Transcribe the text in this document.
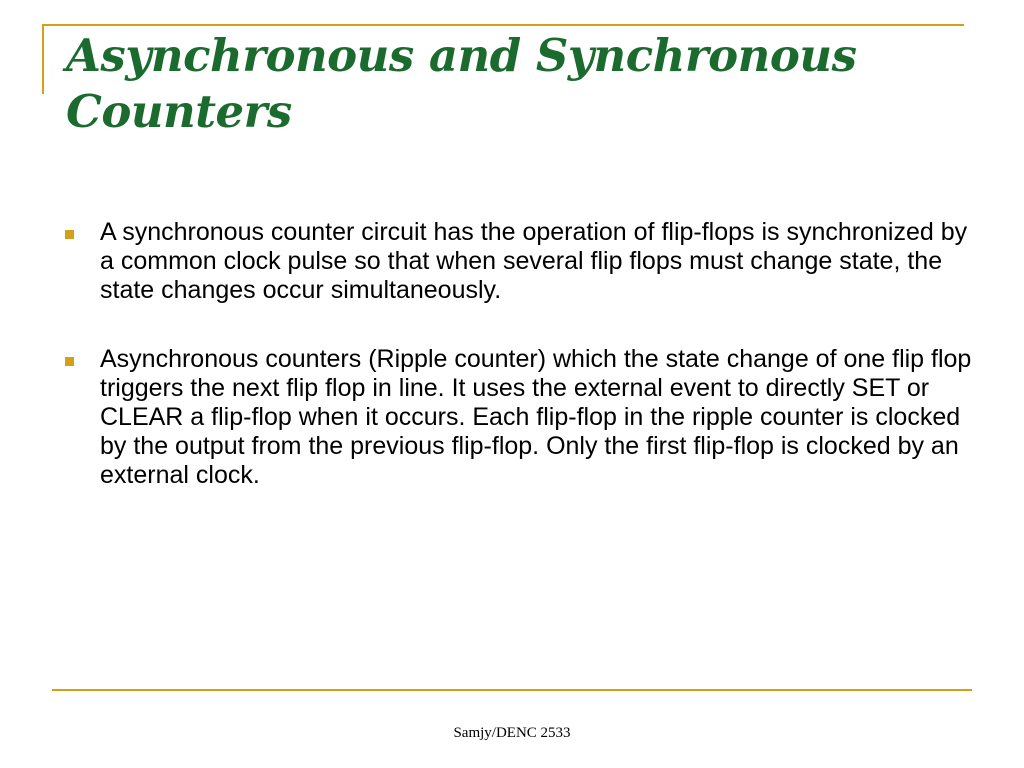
Asynchronous and Synchronous Counters
A synchronous counter circuit has the operation of flip-flops is synchronized by a common clock pulse so that when several flip flops must change state, the state changes occur simultaneously.
Asynchronous counters (Ripple counter) which the state change of one flip flop triggers the next flip flop in line. It uses the external event to directly SET or CLEAR a flip-flop when it occurs. Each flip-flop in the ripple counter is clocked by the output from the previous flip-flop. Only the first flip-flop is clocked by an external clock.
Samjy/DENC 2533
